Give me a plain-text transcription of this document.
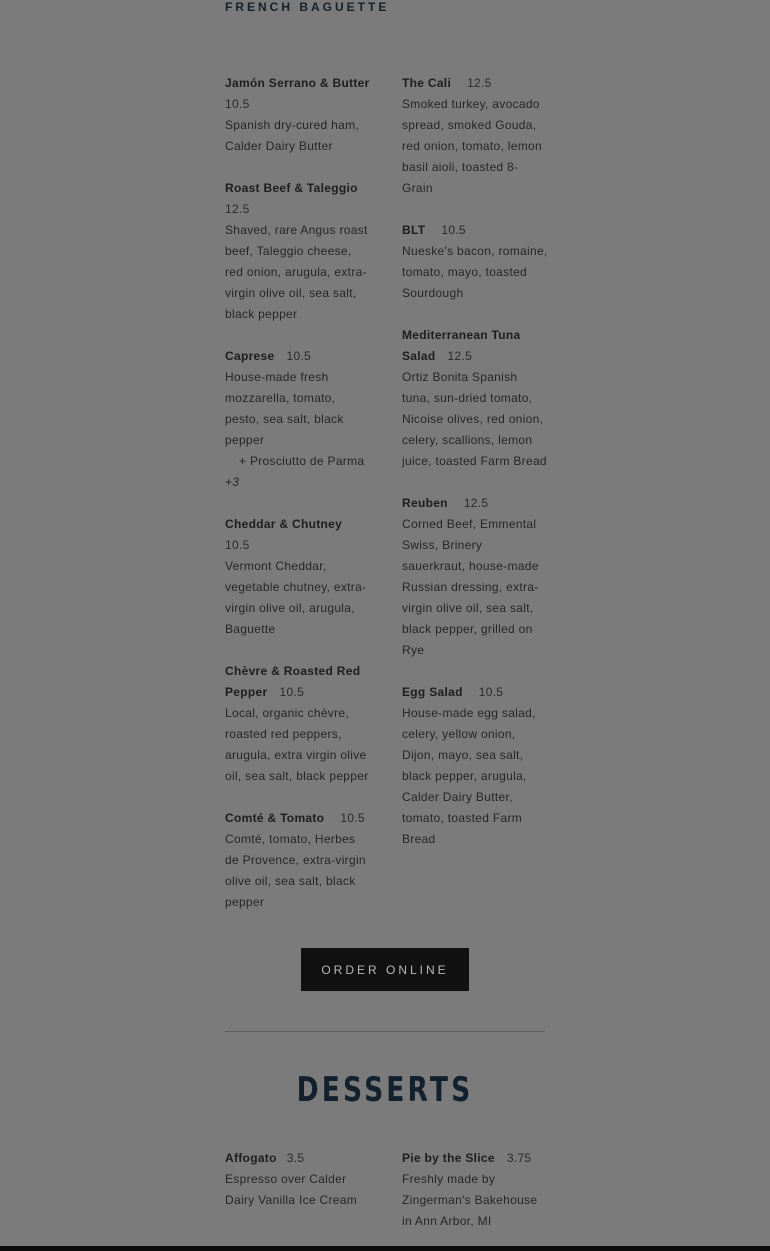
FRENCH BAGUETTE
Jamón Serrano & Butter
10.5
Spanish dry-cured ham, Calder Dairy Butter
Roast Beef & Taleggio
12.5
Shaved, rare Angus roast beef, Taleggio cheese, red onion, arugula, extra-virgin olive oil, sea salt, black pepper
Caprese 10.5
House-made fresh mozzarella, tomato, pesto, sea salt, black pepper
+ Prosciutto de Parma +3
Cheddar & Chutney
10.5
Vermont Cheddar, vegetable chutney, extra-virgin olive oil, arugula, Baguette
Chèvre & Roasted Red Pepper 10.5
Local, organic chèvre, roasted red peppers, arugula, extra virgin olive oil, sea salt, black pepper
Comté & Tomato 10.5
Comté, tomato, Herbes de Provence, extra-virgin olive oil, sea salt, black pepper
The Cali 12.5
Smoked turkey, avocado spread, smoked Gouda, red onion, tomato, lemon basil aioli, toasted 8-Grain
BLT 10.5
Nueske's bacon, romaine, tomato, mayo, toasted Sourdough
Mediterranean Tuna Salad 12.5
Ortiz Bonita Spanish tuna, sun-dried tomato, Nicoise olives, red onion, celery, scallions, lemon juice, toasted Farm Bread
Reuben 12.5
Corned Beef, Emmental Swiss, Brinery sauerkraut, house-made Russian dressing, extra-virgin olive oil, sea salt, black pepper, grilled on Rye
Egg Salad 10.5
House-made egg salad, celery, yellow onion, Dijon, mayo, sea salt, black pepper, arugula, Calder Dairy Butter, tomato, toasted Farm Bread
ORDER ONLINE
DESSERTS
Affogato 3.5
Espresso over Calder Dairy Vanilla Ice Cream
Pie by the Slice 3.75
Freshly made by Zingerman's Bakehouse in Ann Arbor, MI
